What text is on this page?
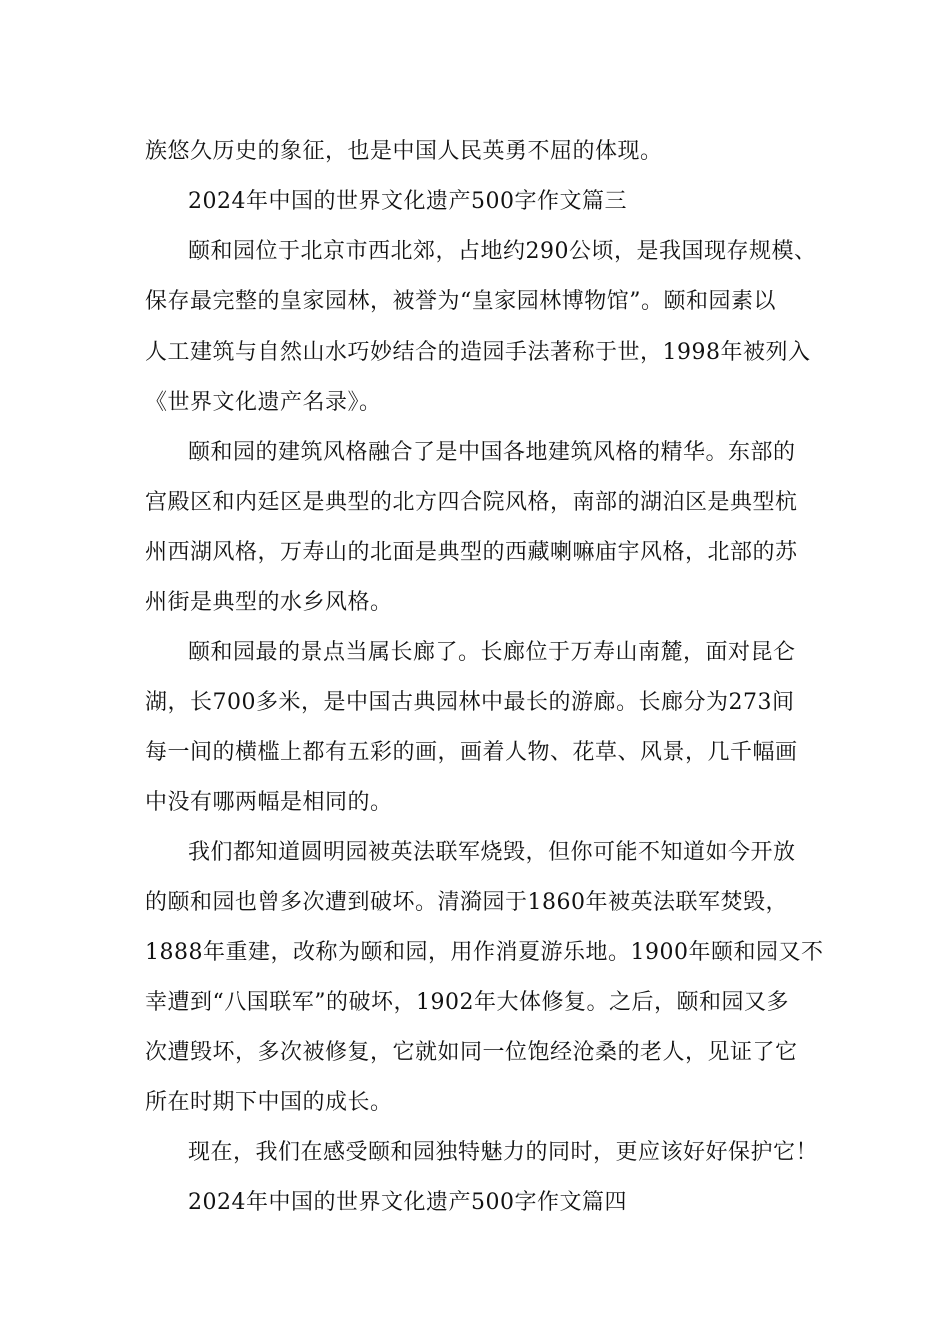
族悠久历史的象征，也是中国人民英勇不屈的体现。
2024年中国的世界文化遗产500字作文篇三
颐和园位于北京市西北郊，占地约290公顷，是我国现存规模、
保存最完整的皇家园林，被誉为“皇家园林博物馆”。颐和园素以
人工建筑与自然山水巧妙结合的造园手法著称于世，1998年被列入
《世界文化遗产名录》。
颐和园的建筑风格融合了是中国各地建筑风格的精华。东部的
宫殿区和内廷区是典型的北方四合院风格，南部的湖泊区是典型杭
州西湖风格，万寿山的北面是典型的西藏喇嘛庙宇风格，北部的苏
州街是典型的水乡风格。
颐和园最的景点当属长廊了。长廊位于万寿山南麓，面对昆仑
湖，长700多米，是中国古典园林中最长的游廊。长廊分为273间
每一间的横槛上都有五彩的画，画着人物、花草、风景，几千幅画
中没有哪两幅是相同的。
我们都知道圆明园被英法联军烧毁，但你可能不知道如今开放
的颐和园也曾多次遭到破坏。清漪园于1860年被英法联军焚毁，
1888年重建，改称为颐和园，用作消夏游乐地。1900年颐和园又不
幸遭到“八国联军”的破坏，1902年大体修复。之后，颐和园又多
次遭毁坏，多次被修复，它就如同一位饱经沧桑的老人，见证了它
所在时期下中国的成长。
现在，我们在感受颐和园独特魅力的同时，更应该好好保护它！
2024年中国的世界文化遗产500字作文篇四
